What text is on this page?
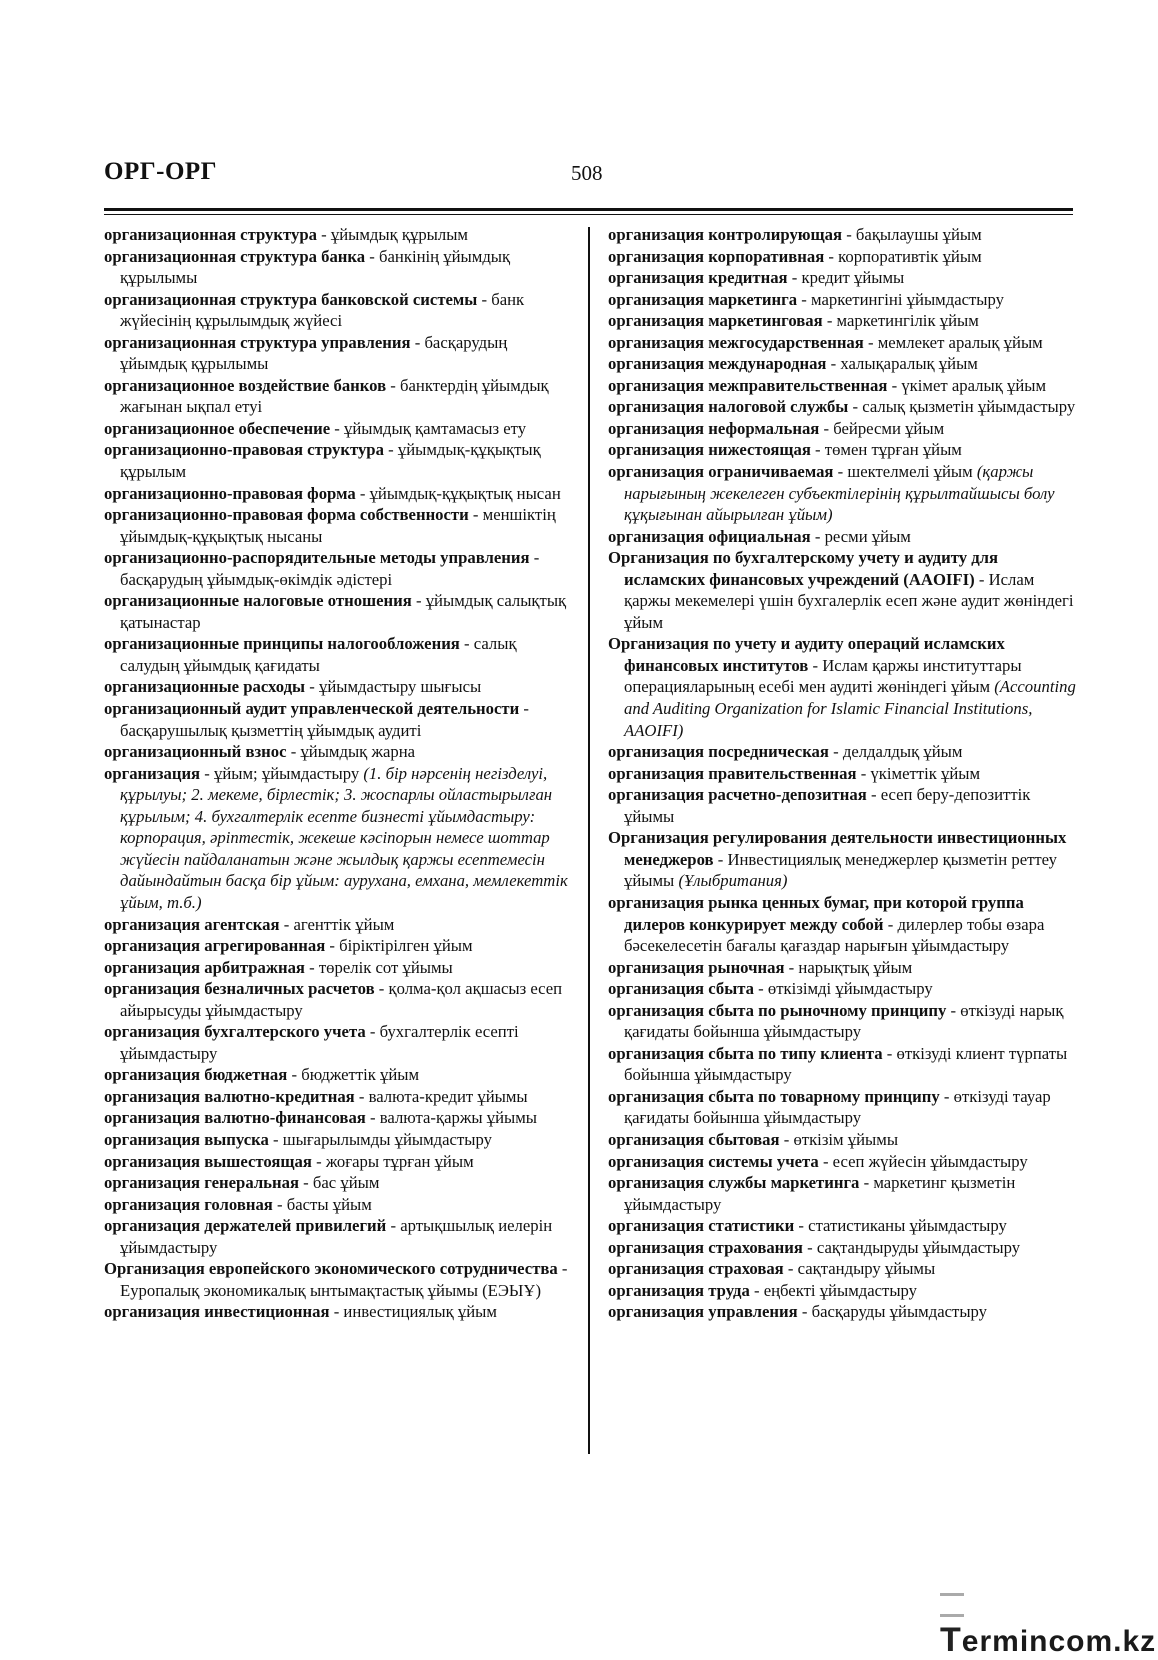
ОРГ-ОРГ	508

организационная структура - ұйымдық құрылым

организационная структура банка - банкінің ұйымдық құрылымы

организационная структура банковской системы - банк жүйесінің құрылымдық жүйесі

организационная структура управления - басқарудың ұйымдық құрылымы

организационное воздействие банков - банктердің ұйымдық жағынан ықпал етуі

организационное обеспечение - ұйымдық қамтамасыз ету

организационно-правовая структура - ұйымдық-құқықтық құрылым

организационно-правовая форма - ұйымдық-құқықтық нысан

организационно-правовая форма собственности - меншіктің ұйымдық-құқықтық нысаны

организационно-распорядительные методы управления - басқарудың ұйымдық-өкімдік әдістері

организационные налоговые отношения - ұйымдық салықтық қатынастар

организационные принципы налогообложения - салық салудың ұйымдық қағидаты

организационные расходы - ұйымдастыру шығысы

организационный аудит управленческой деятельности - басқарушылық қызметтің ұйымдық аудиті

организационный взнос - ұйымдық жарна

организация - ұйым; ұйымдастыру (1. бір нәрсенің негізделуі, құрылуы; 2. мекеме, бірлестік; 3. жоспарлы ойластырылған құрылым; 4. бухгалтерлік есепте бизнесті ұйымдастыру: корпорация, әріптестік, жекеше кәсіпорын немесе шоттар жүйесін пайдаланатын және жылдық қаржы есептемесін дайындайтын басқа бір ұйым: аурухана, емхана, мемлекеттік ұйым, т.б.)

организация агентская - агенттік ұйым

организация агрегированная - біріктірілген ұйым

организация арбитражная - төрелік сот ұйымы

организация безналичных расчетов - қолма-қол ақшасыз есеп айырысуды ұйымдастыру

организация бухгалтерского учета - бухгалтерлік есепті ұйымдастыру

организация бюджетная - бюджеттік ұйым

организация валютно-кредитная - валюта-кредит ұйымы

организация валютно-финансовая - валюта-қаржы ұйымы

организация выпуска - шығарылымды ұйымдастыру

организация вышестоящая - жоғары тұрған ұйым

организация генеральная - бас ұйым

организация головная - басты ұйым

организация держателей привилегий - артықшылық иелерін ұйымдастыру

Организация европейского экономического сотрудничества - Еуропалық экономикалық ынтымақтастық ұйымы (ЕЭЫҰ)

организация инвестиционная - инвестициялық ұйым

организация контролирующая - бақылаушы ұйым

организация корпоративная - корпоративтік ұйым

организация кредитная - кредит ұйымы

организация маркетинга - маркетингіні ұйымдастыру

организация маркетинговая - маркетингілік ұйым

организация межгосударственная - мемлекет аралық ұйым

организация международная - халықаралық ұйым

организация межправительственная - үкімет аралық ұйым

организация налоговой службы - салық қызметін ұйымдастыру

организация неформальная - бейресми ұйым

организация нижестоящая - төмен тұрған ұйым

организация ограничиваемая - шектелмелі ұйым (қаржы нарығының жекелеген субъектілерінің құрылтайшысы болу құқығынан айырылған ұйым)

организация официальная - ресми ұйым

Организация по бухгалтерскому учету и аудиту для исламских финансовых учреждений (AAOIFI) - Ислам қаржы мекемелері үшін бухгалерлік есеп және аудит жөніндегі ұйым

Организация по учету и аудиту операций исламских финансовых институтов - Ислам қаржы институттары операцияларының есебі мен аудиті жөніндегі ұйым (Accounting and Auditing Organization for Islamic Financial Institutions, AAOIFI)

организация посредническая - делдалдық ұйым

организация правительственная - үкіметтік ұйым

организация расчетно-депозитная - есеп беру-депозиттік ұйымы

Организация регулирования деятельности инвестиционных менеджеров - Инвестициялық менеджерлер қызметін реттеу ұйымы (Ұлыбритания)

организация рынка ценных бумаг, при которой группа дилеров конкурирует между собой - дилерлер тобы өзара бәсекелесетін бағалы қағаздар нарығын ұйымдастыру

организация рыночная - нарықтық ұйым

организация сбыта - өткізімді ұйымдастыру

организация сбыта по рыночному принципу - өткізуді нарық қағидаты бойынша ұйымдастыру

организация сбыта по типу клиента - өткізуді клиент түрпаты бойынша ұйымдастыру

организация сбыта по товарному принципу - өткізуді тауар қағидаты бойынша ұйымдастыру

организация сбытовая - өткізім ұйымы

организация системы учета - есеп жүйесін ұйымдастыру

организация службы маркетинга - маркетинг қызметін ұйымдастыру

организация статистики - статистиканы ұйымдастыру

организация страхования - сақтандыруды ұйымдастыру

организация страховая - сақтандыру ұйымы

организация труда - еңбекті ұйымдастыру

организация управления - басқаруды ұйымдастыру

Termincom.kz
